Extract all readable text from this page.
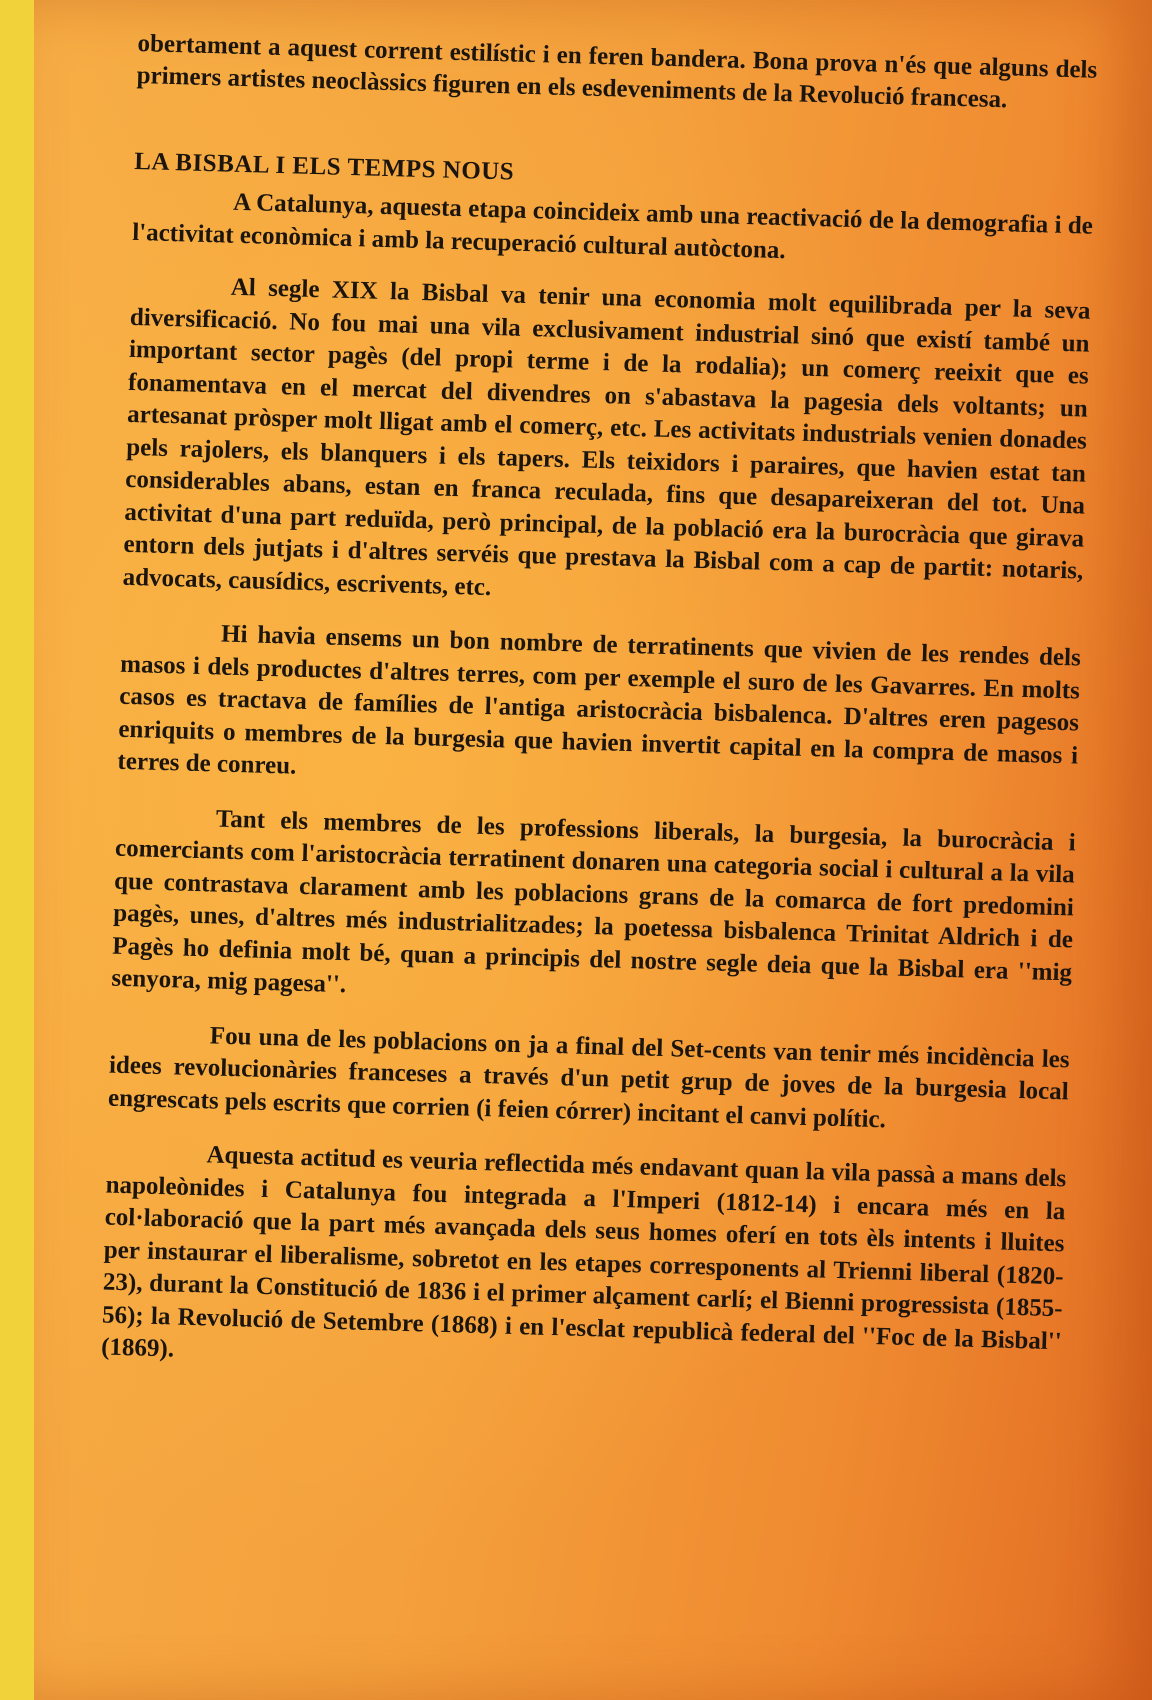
obertament a aquest corrent estilístic i en feren bandera. Bona prova n'és que alguns dels primers artistes neoclàssics figuren en els esdeveniments de la Revolució francesa.

LA BISBAL I ELS TEMPS NOUS

A Catalunya, aquesta etapa coincideix amb una reactivació de la demografia i de l'activitat econòmica i amb la recuperació cultural autòctona.

Al segle XIX la Bisbal va tenir una economia molt equilibrada per la seva diversificació. No fou mai una vila exclusivament industrial sinó que existí també un important sector pagès (del propi terme i de la rodalia); un comerç reeixit que es fonamentava en el mercat del divendres on s'abastava la pagesia dels voltants; un artesanat pròsper molt lligat amb el comerç, etc. Les activitats industrials venien donades pels rajolers, els blanquers i els tapers. Els teixidors i paraires, que havien estat tan considerables abans, estan en franca reculada, fins que desapareixeran del tot. Una activitat d'una part reduïda, però principal, de la població era la burocràcia que girava entorn dels jutjats i d'altres servéis que prestava la Bisbal com a cap de partit: notaris, advocats, causídics, escrivents, etc.

Hi havia ensems un bon nombre de terratinents que vivien de les rendes dels masos i dels productes d'altres terres, com per exemple el suro de les Gavarres. En molts casos es tractava de famílies de l'antiga aristocràcia bisbalenca. D'altres eren pagesos enriquits o membres de la burgesia que havien invertit capital en la compra de masos i terres de conreu.

Tant els membres de les professions liberals, la burgesia, la burocràcia i comerciants com l'aristocràcia terratinent donaren una categoria social i cultural a la vila que contrastava clarament amb les poblacions grans de la comarca de fort predomini pagès, unes, d'altres més industrialitzades; la poetessa bisbalenca Trinitat Aldrich i de Pagès ho definia molt bé, quan a principis del nostre segle deia que la Bisbal era ''mig senyora, mig pagesa''.

Fou una de les poblacions on ja a final del Set-cents van tenir més incidència les idees revolucionàries franceses a través d'un petit grup de joves de la burgesia local engrescats pels escrits que corrien (i feien córrer) incitant el canvi polític.

Aquesta actitud es veuria reflectida més endavant quan la vila passà a mans dels napoleònides i Catalunya fou integrada a l'Imperi (1812-14) i encara més en la col·laboració que la part més avançada dels seus homes oferí en tots èls intents i lluites per instaurar el liberalisme, sobretot en les etapes corresponents al Trienni liberal (1820-23), durant la Constitució de 1836 i el primer alçament carlí; el Bienni progressista (1855-56); la Revolució de Setembre (1868) i en l'esclat republicà federal del ''Foc de la Bisbal'' (1869).
